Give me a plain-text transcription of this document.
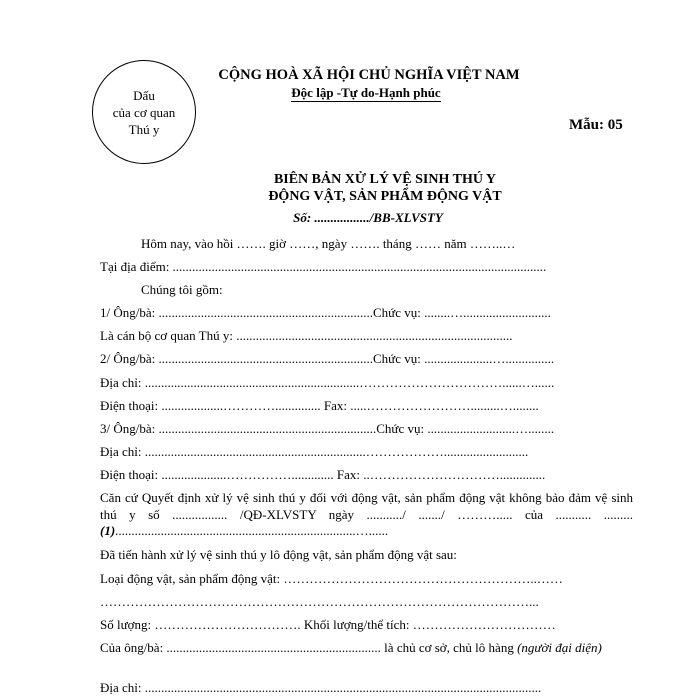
Dấu
của cơ quan
Thú y
CỘNG HOÀ XÃ HỘI CHỦ NGHĨA VIỆT NAM
Độc lập -Tự do-Hạnh phúc
Mẫu: 05
BIÊN BẢN XỬ LÝ VỆ SINH THÚ Y
ĐỘNG VẬT, SẢN PHẨM ĐỘNG VẬT
Số: ................./BB-XLVSTY
Hôm nay, vào hồi ……. giờ ……, ngày ……. tháng …… năm ……..…
Tại địa điểm: ...................................................................................................................
Chúng tôi gồm:
1/ Ông/bà: ..................................................................Chức vụ: ........…...........................
Là cán bộ cơ quan Thú y: .....................................................................................
2/ Ông/bà: ..................................................................Chức vụ: .....................…...............
Địa chỉ: ..................................................................……………………………......…......
Điện thoại: ...................………….............. Fax: .....…………………….........…........
3/ Ông/bà: ...................................................................Chức vụ: ...........................…........
Địa chỉ: ....................................................................………………..........................
Điện thoại: ....................……………............. Fax: ..…………………………..............
Căn cứ Quyết định xử lý vệ sinh thú y đối với động vật, sản phẩm động vật không bảo đảm vệ sinh thú y số ................. /QĐ-XLVSTY ngày .........../ ......./ ………..... của ........... ......... (1)..........................................................................…......
Đã tiến hành xử lý vệ sinh thú y lô động vật, sản phẩm động vật sau:
Loại động vật, sản phẩm động vật: …………………………………………………..……
………………………………………………………………………………………...
Số lượng: ……………………………. Khối lượng/thể tích: ……………………………
Của ông/bà: .................................................................. là chủ cơ sở, chủ lô hàng (người đại diện)
Địa chỉ: ..........................................................................................................................
